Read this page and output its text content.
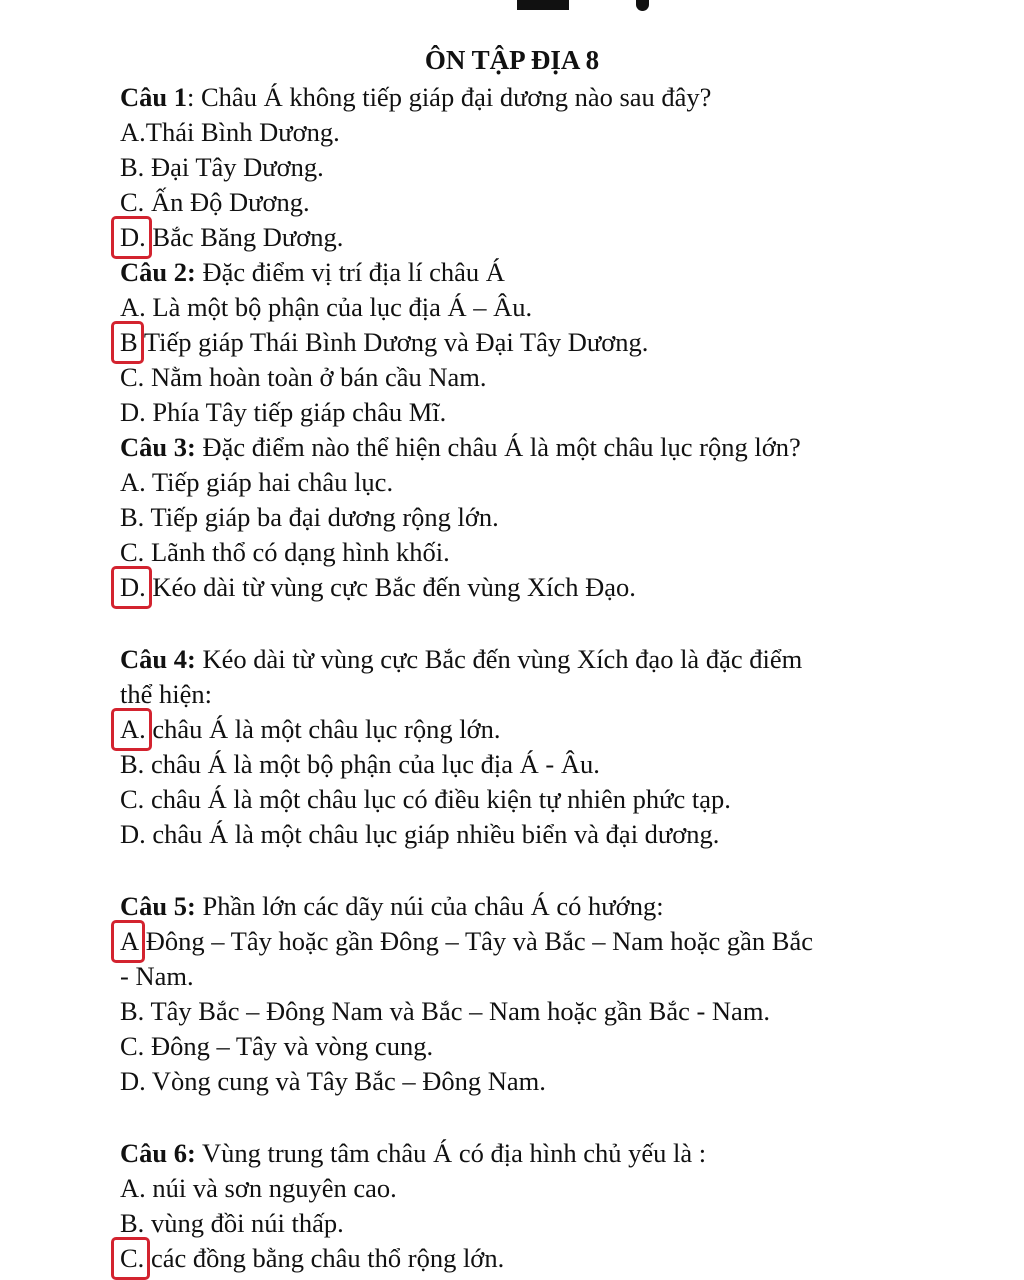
ÔN TẬP ĐỊA 8
Câu 1: Châu Á không tiếp giáp đại dương nào sau đây?
A.Thái Bình Dương.
B. Đại Tây Dương.
C. Ấn Độ Dương.
D. Bắc Băng Dương.
Câu 2: Đặc điểm vị trí địa lí châu Á
A. Là một bộ phận của lục địa Á – Âu.
B Tiếp giáp Thái Bình Dương và Đại Tây Dương.
C. Nằm hoàn toàn ở bán cầu Nam.
D. Phía Tây tiếp giáp châu Mĩ.
Câu 3: Đặc điểm nào thể hiện châu Á là một châu lục rộng lớn?
A. Tiếp giáp hai châu lục.
B. Tiếp giáp ba đại dương rộng lớn.
C. Lãnh thổ có dạng hình khối.
D. Kéo dài từ vùng cực Bắc đến vùng Xích Đạo.
Câu 4: Kéo dài từ vùng cực Bắc đến vùng Xích đạo là đặc điểm
thể hiện:
A. châu Á là một châu lục rộng lớn.
B. châu Á là một bộ phận của lục địa Á - Âu.
C. châu Á là một châu lục có điều kiện tự nhiên phức tạp.
D. châu Á là một châu lục giáp nhiều biển và đại dương.
Câu 5: Phần lớn các dãy núi của châu Á có hướng:
A Đông – Tây hoặc gần Đông – Tây và Bắc – Nam hoặc gần Bắc
- Nam.
B. Tây Bắc – Đông Nam và Bắc – Nam hoặc gần Bắc - Nam.
C. Đông – Tây và vòng cung.
D. Vòng cung và Tây Bắc – Đông Nam.
Câu 6: Vùng trung tâm châu Á có địa hình chủ yếu là :
A. núi và sơn nguyên cao.
B. vùng đồi núi thấp.
C. các đồng bằng châu thổ rộng lớn.
